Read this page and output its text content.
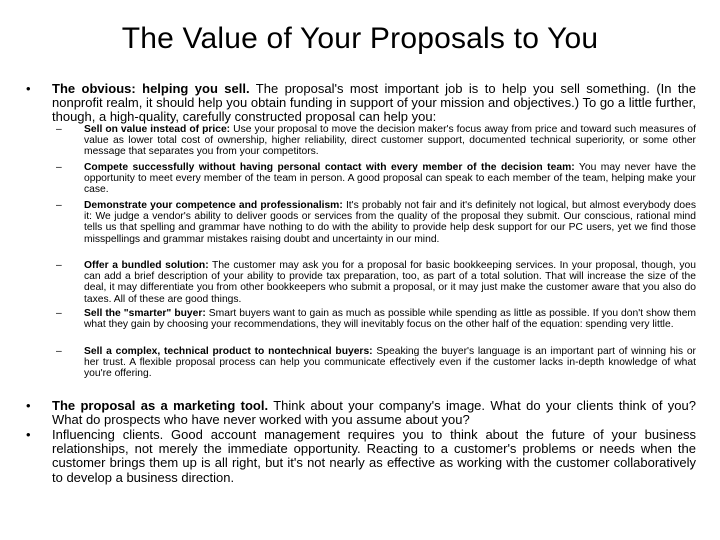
The Value of Your Proposals to You
• The obvious: helping you sell. The proposal's most important job is to help you sell something. (In the nonprofit realm, it should help you obtain funding in support of your mission and objectives.) To go a little further, though, a high-quality, carefully constructed proposal can help you:
– Sell on value instead of price: Use your proposal to move the decision maker's focus away from price and toward such measures of value as lower total cost of ownership, higher reliability, direct customer support, documented technical superiority, or some other message that separates you from your competitors.
– Compete successfully without having personal contact with every member of the decision team: You may never have the opportunity to meet every member of the team in person. A good proposal can speak to each member of the team, helping make your case.
– Demonstrate your competence and professionalism: It's probably not fair and it's definitely not logical, but almost everybody does it: We judge a vendor's ability to deliver goods or services from the quality of the proposal they submit. Our conscious, rational mind tells us that spelling and grammar have nothing to do with the ability to provide help desk support for our PC users, yet we find those misspellings and grammar mistakes raising doubt and uncertainty in our mind.
– Offer a bundled solution: The customer may ask you for a proposal for basic bookkeeping services. In your proposal, though, you can add a brief description of your ability to provide tax preparation, too, as part of a total solution. That will increase the size of the deal, it may differentiate you from other bookkeepers who submit a proposal, or it may just make the customer aware that you also do taxes. All of these are good things.
– Sell the "smarter" buyer: Smart buyers want to gain as much as possible while spending as little as possible. If you don't show them what they gain by choosing your recommendations, they will inevitably focus on the other half of the equation: spending very little.
– Sell a complex, technical product to nontechnical buyers: Speaking the buyer's language is an important part of winning his or her trust. A flexible proposal process can help you communicate effectively even if the customer lacks in-depth knowledge of what you're offering.
• The proposal as a marketing tool. Think about your company's image. What do your clients think of you? What do prospects who have never worked with you assume about you?
• Influencing clients. Good account management requires you to think about the future of your business relationships, not merely the immediate opportunity. Reacting to a customer's problems or needs when the customer brings them up is all right, but it's not nearly as effective as working with the customer collaboratively to develop a business direction.
